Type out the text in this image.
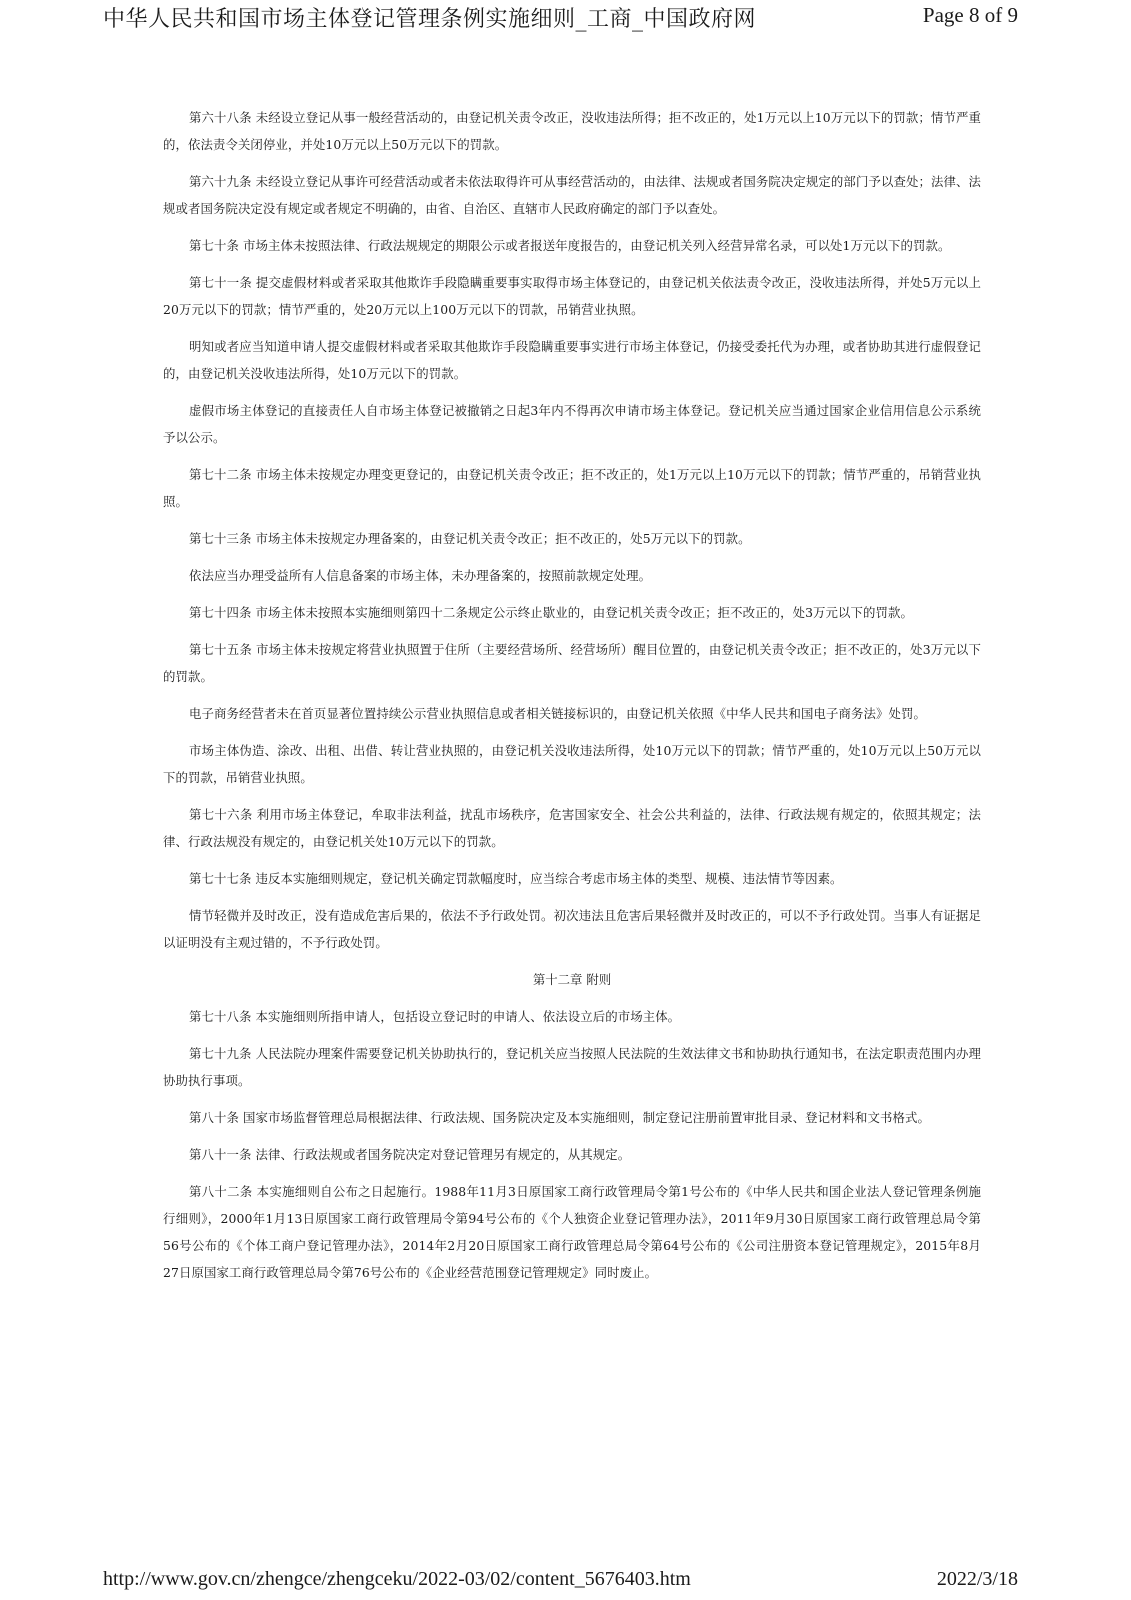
中华人民共和国市场主体登记管理条例实施细则_工商_中国政府网	Page 8 of 9

第六十八条 未经设立登记从事一般经营活动的，由登记机关责令改正，没收违法所得；拒不改正的，处1万元以上10万元以下的罚款；情节严重的，依法责令关闭停业，并处10万元以上50万元以下的罚款。

第六十九条 未经设立登记从事许可经营活动或者未依法取得许可从事经营活动的，由法律、法规或者国务院决定规定的部门予以查处；法律、法规或者国务院决定没有规定或者规定不明确的，由省、自治区、直辖市人民政府确定的部门予以查处。

第七十条 市场主体未按照法律、行政法规规定的期限公示或者报送年度报告的，由登记机关列入经营异常名录，可以处1万元以下的罚款。

第七十一条 提交虚假材料或者采取其他欺诈手段隐瞒重要事实取得市场主体登记的，由登记机关依法责令改正，没收违法所得，并处5万元以上20万元以下的罚款；情节严重的，处20万元以上100万元以下的罚款，吊销营业执照。

明知或者应当知道申请人提交虚假材料或者采取其他欺诈手段隐瞒重要事实进行市场主体登记，仍接受委托代为办理，或者协助其进行虚假登记的，由登记机关没收违法所得，处10万元以下的罚款。

虚假市场主体登记的直接责任人自市场主体登记被撤销之日起3年内不得再次申请市场主体登记。登记机关应当通过国家企业信用信息公示系统予以公示。

第七十二条 市场主体未按规定办理变更登记的，由登记机关责令改正；拒不改正的，处1万元以上10万元以下的罚款；情节严重的，吊销营业执照。

第七十三条 市场主体未按规定办理备案的，由登记机关责令改正；拒不改正的，处5万元以下的罚款。

依法应当办理受益所有人信息备案的市场主体，未办理备案的，按照前款规定处理。

第七十四条 市场主体未按照本实施细则第四十二条规定公示终止歇业的，由登记机关责令改正；拒不改正的，处3万元以下的罚款。

第七十五条 市场主体未按规定将营业执照置于住所（主要经营场所、经营场所）醒目位置的，由登记机关责令改正；拒不改正的，处3万元以下的罚款。

电子商务经营者未在首页显著位置持续公示营业执照信息或者相关链接标识的，由登记机关依照《中华人民共和国电子商务法》处罚。

市场主体伪造、涂改、出租、出借、转让营业执照的，由登记机关没收违法所得，处10万元以下的罚款；情节严重的，处10万元以上50万元以下的罚款，吊销营业执照。

第七十六条 利用市场主体登记，牟取非法利益，扰乱市场秩序，危害国家安全、社会公共利益的，法律、行政法规有规定的，依照其规定；法律、行政法规没有规定的，由登记机关处10万元以下的罚款。

第七十七条 违反本实施细则规定，登记机关确定罚款幅度时，应当综合考虑市场主体的类型、规模、违法情节等因素。

情节轻微并及时改正，没有造成危害后果的，依法不予行政处罚。初次违法且危害后果轻微并及时改正的，可以不予行政处罚。当事人有证据足以证明没有主观过错的，不予行政处罚。

第十二章 附则

第七十八条 本实施细则所指申请人，包括设立登记时的申请人、依法设立后的市场主体。

第七十九条 人民法院办理案件需要登记机关协助执行的，登记机关应当按照人民法院的生效法律文书和协助执行通知书，在法定职责范围内办理协助执行事项。

第八十条 国家市场监督管理总局根据法律、行政法规、国务院决定及本实施细则，制定登记注册前置审批目录、登记材料和文书格式。

第八十一条 法律、行政法规或者国务院决定对登记管理另有规定的，从其规定。

第八十二条 本实施细则自公布之日起施行。1988年11月3日原国家工商行政管理局令第1号公布的《中华人民共和国企业法人登记管理条例施行细则》，2000年1月13日原国家工商行政管理局令第94号公布的《个人独资企业登记管理办法》，2011年9月30日原国家工商行政管理总局令第56号公布的《个体工商户登记管理办法》，2014年2月20日原国家工商行政管理总局令第64号公布的《公司注册资本登记管理规定》，2015年8月27日原国家工商行政管理总局令第76号公布的《企业经营范围登记管理规定》同时废止。

http://www.gov.cn/zhengce/zhengceku/2022-03/02/content_5676403.htm	2022/3/18
